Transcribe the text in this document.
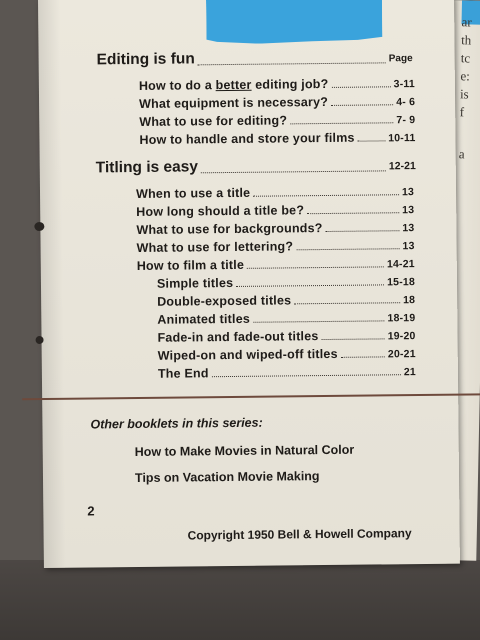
ar
th
tc
e:
is
f
a
Editing is fun	Page
How to do a better editing job?	3-11
What equipment is necessary?	4- 6
What to use for editing?	7- 9
How to handle and store your films	10-11
Titling is easy	12-21
When to use a title	13
How long should a title be?	13
What to use for backgrounds?	13
What to use for lettering?	13
How to film a title	14-21
Simple titles	15-18
Double-exposed titles	18
Animated titles	18-19
Fade-in and fade-out titles	19-20
Wiped-on and wiped-off titles	20-21
The End	21
Other booklets in this series:
How to Make Movies in Natural Color
Tips on Vacation Movie Making
2
Copyright 1950 Bell & Howell Company
